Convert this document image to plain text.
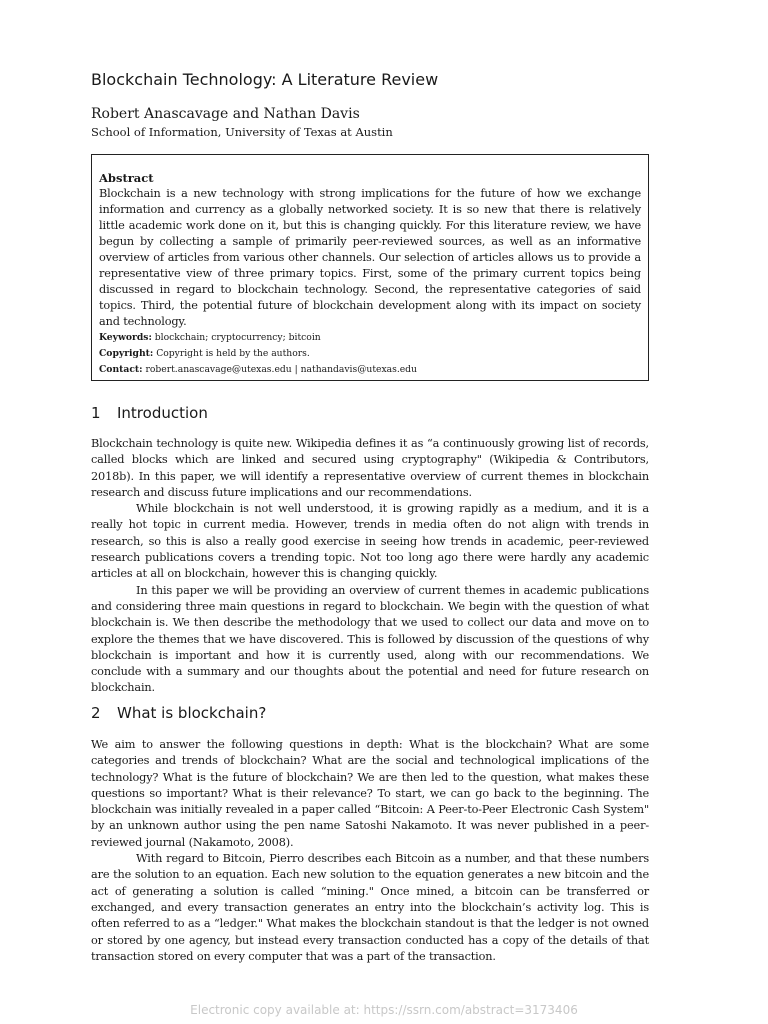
Blockchain Technology: A Literature Review
Robert Anascavage and Nathan Davis
School of Information, University of Texas at Austin

Abstract

Blockchain is a new technology with strong implications for the future of how we exchange information and currency as a globally networked society. It is so new that there is relatively little academic work done on it, but this is changing quickly. For this literature review, we have begun by collecting a sample of primarily peer-reviewed sources, as well as an informative overview of articles from various other channels. Our selection of articles allows us to provide a representative view of three primary topics. First, some of the primary current topics being discussed in regard to blockchain technology. Second, the representative categories of said topics. Third, the potential future of blockchain development along with its impact on society and technology.

Keywords: blockchain; cryptocurrency; bitcoin

Copyright: Copyright is held by the authors.

Contact: robert.anascavage@utexas.edu | nathandavis@utexas.edu

1 Introduction

Blockchain technology is quite new. Wikipedia defines it as “a continuously growing list of records, called blocks which are linked and secured using cryptography" (Wikipedia & Contributors, 2018b). In this paper, we will identify a representative overview of current themes in blockchain research and discuss future implications and our recommendations.

While blockchain is not well understood, it is growing rapidly as a medium, and it is a really hot topic in current media. However, trends in media often do not align with trends in research, so this is also a really good exercise in seeing how trends in academic, peer-reviewed research publications covers a trending topic. Not too long ago there were hardly any academic articles at all on blockchain, however this is changing quickly.

In this paper we will be providing an overview of current themes in academic publications and considering three main questions in regard to blockchain. We begin with the question of what blockchain is. We then describe the methodology that we used to collect our data and move on to explore the themes that we have discovered. This is followed by discussion of the questions of why blockchain is important and how it is currently used, along with our recommendations. We conclude with a summary and our thoughts about the potential and need for future research on blockchain.

2 What is blockchain?

We aim to answer the following questions in depth: What is the blockchain? What are some categories and trends of blockchain? What are the social and technological implications of the technology? What is the future of blockchain? We are then led to the question, what makes these questions so important? What is their relevance? To start, we can go back to the beginning. The blockchain was initially revealed in a paper called “Bitcoin: A Peer-to-Peer Electronic Cash System" by an unknown author using the pen name Satoshi Nakamoto. It was never published in a peer-reviewed journal (Nakamoto, 2008).

With regard to Bitcoin, Pierro describes each Bitcoin as a number, and that these numbers are the solution to an equation. Each new solution to the equation generates a new bitcoin and the act of generating a solution is called “mining." Once mined, a bitcoin can be transferred or exchanged, and every transaction generates an entry into the blockchain’s activity log. This is often referred to as a “ledger." What makes the blockchain standout is that the ledger is not owned or stored by one agency, but instead every transaction conducted has a copy of the details of that transaction stored on every computer that was a part of the transaction.

Electronic copy available at: https://ssrn.com/abstract=3173406
